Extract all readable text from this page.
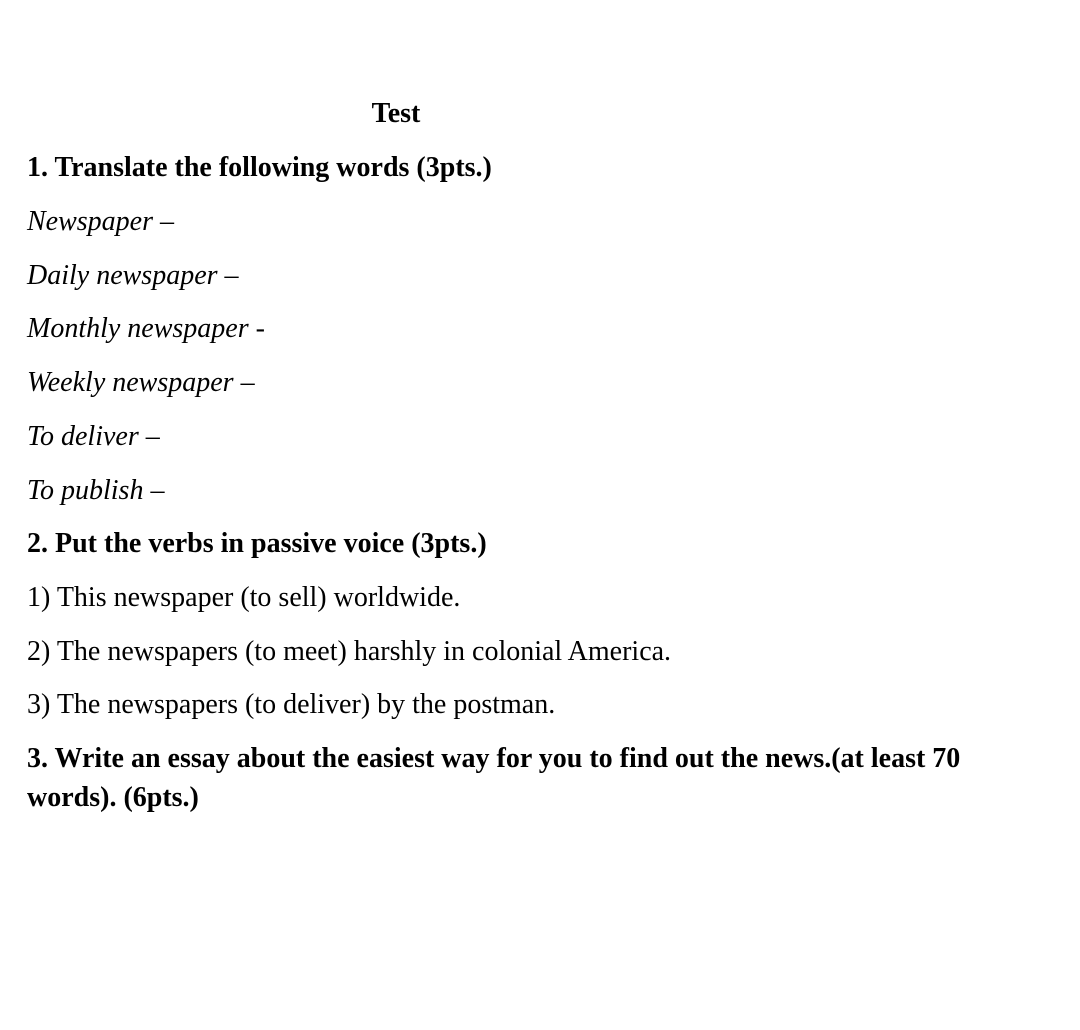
Test
1. Translate the following words (3pts.)
Newspaper –
Daily newspaper –
Monthly newspaper -
Weekly newspaper –
To deliver –
To publish –
2. Put the verbs in passive voice (3pts.)
1) This newspaper (to sell) worldwide.
2) The newspapers (to meet) harshly in colonial America.
3) The newspapers (to deliver) by the postman.
3. Write an essay about the easiest way for you to find out the news.(at least 70 words). (6pts.)
